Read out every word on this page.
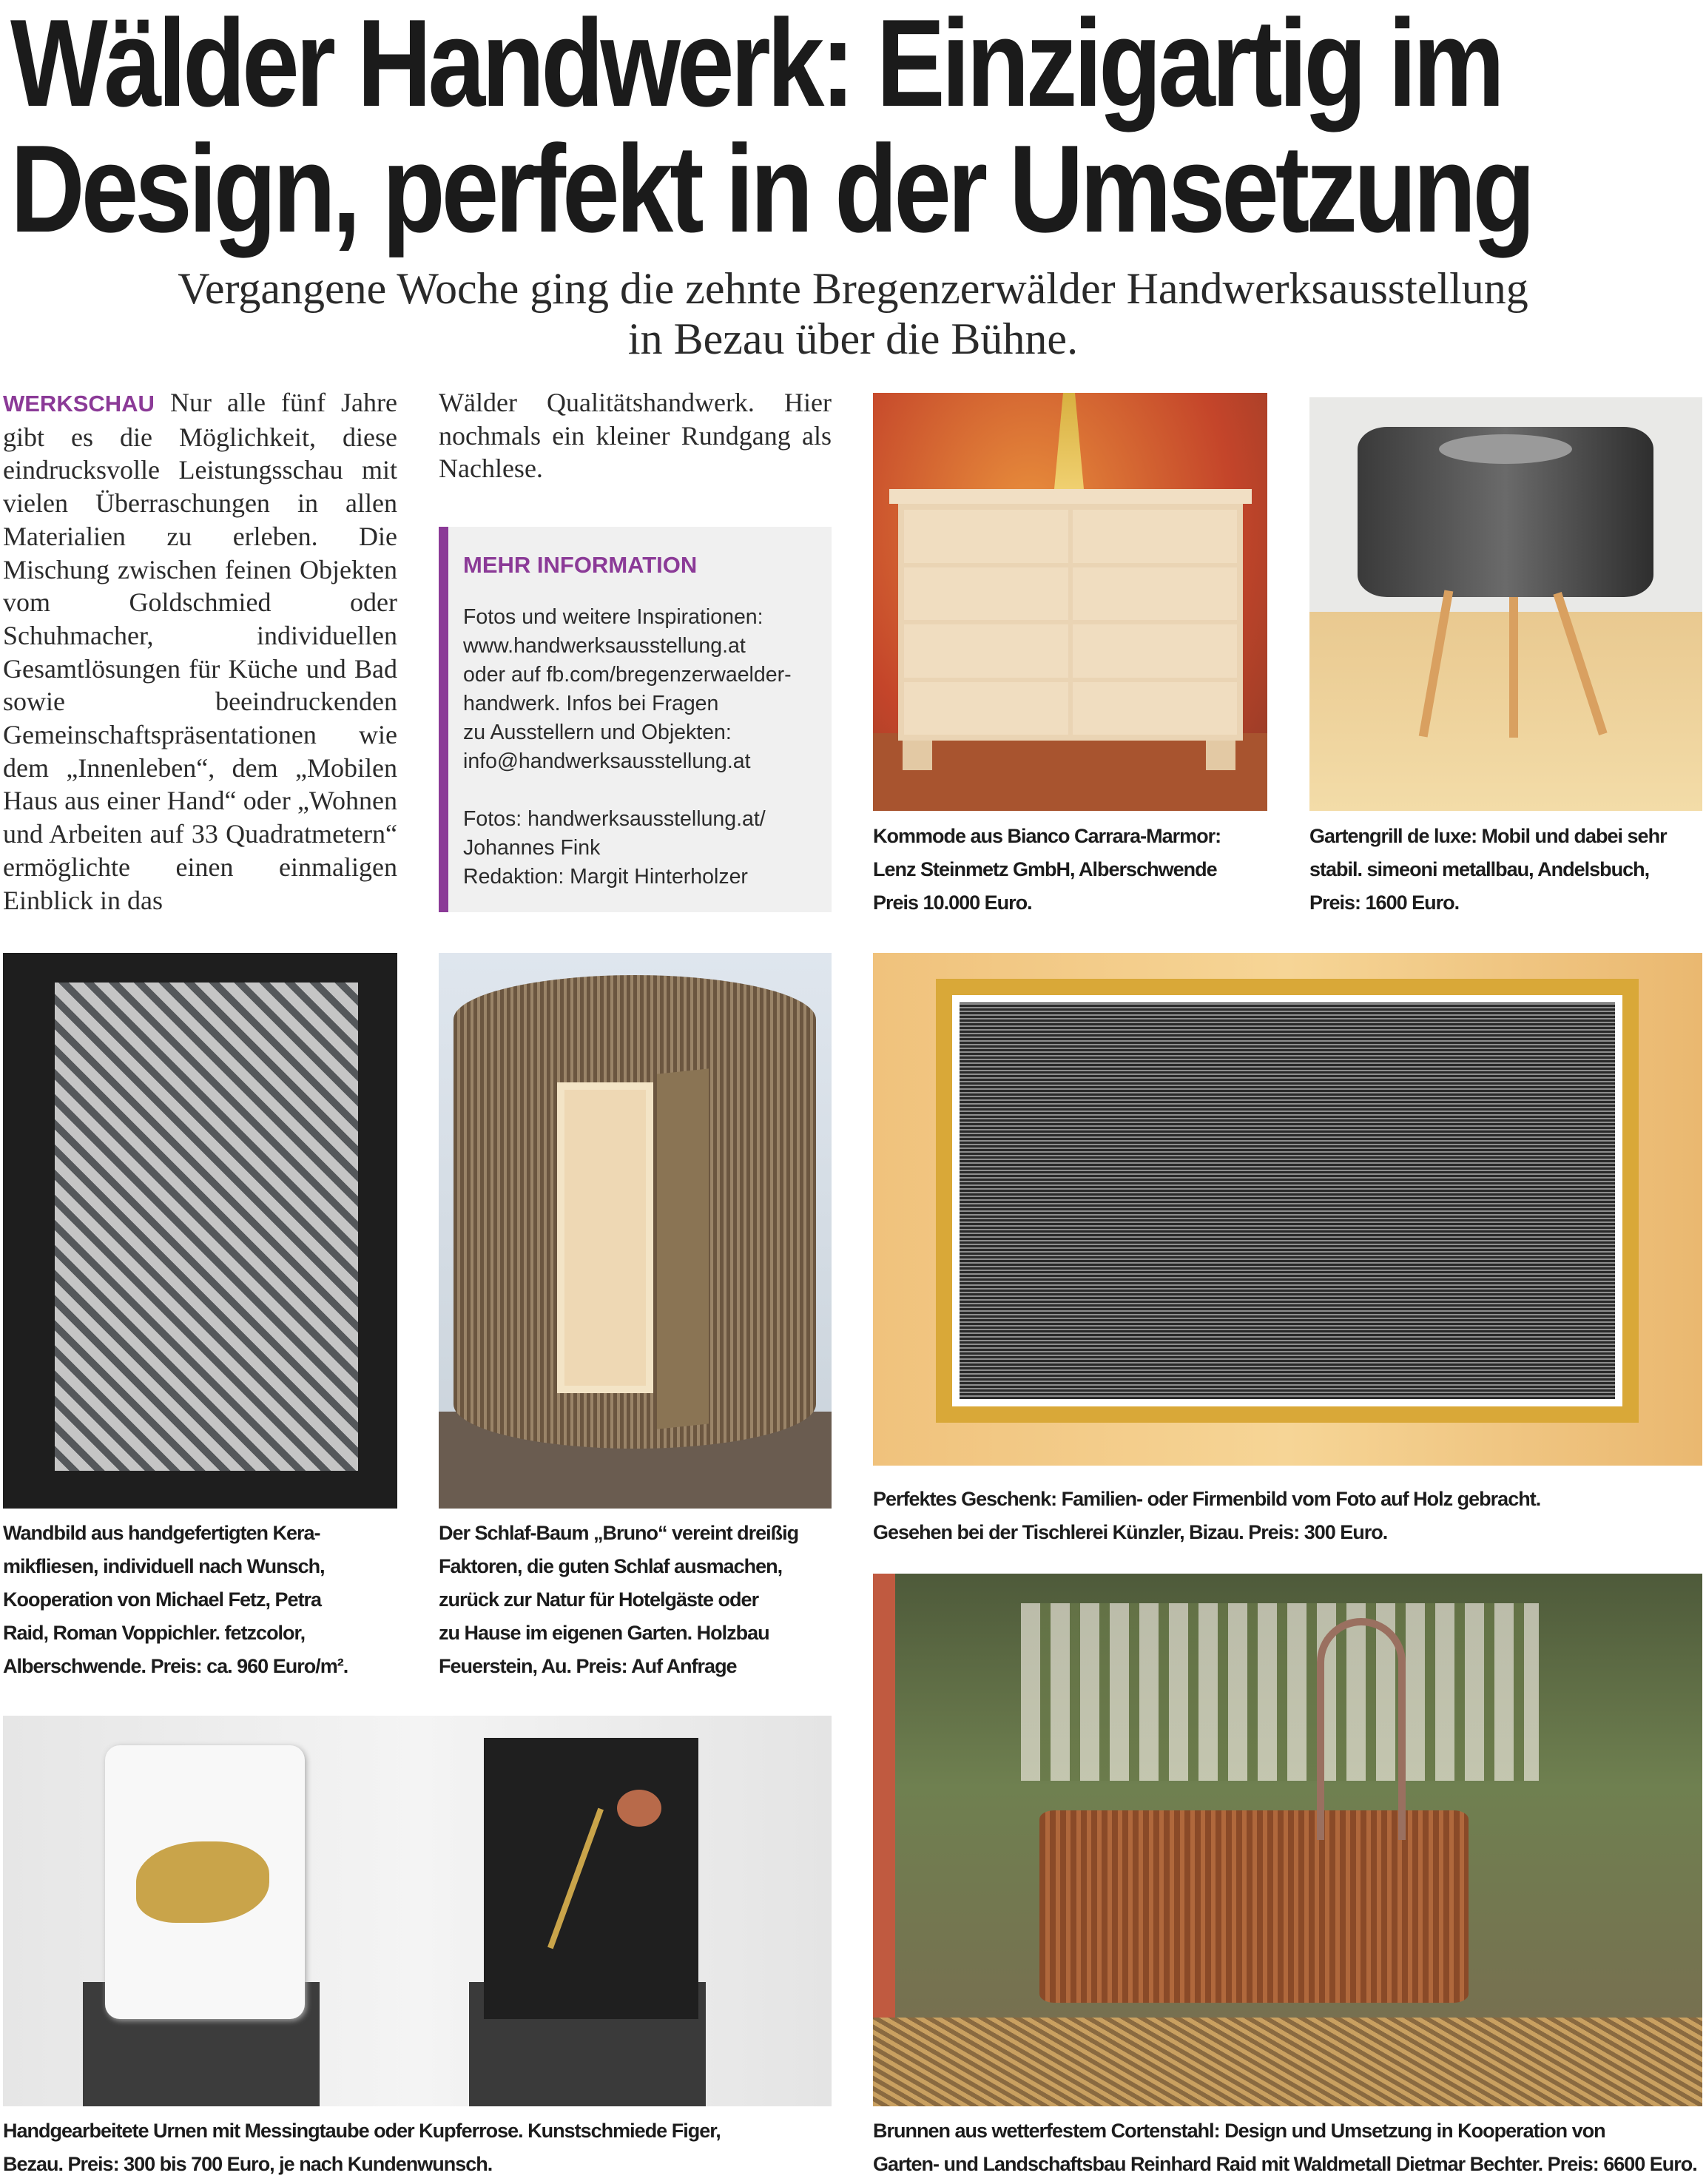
Wälder Handwerk: Einzigartig im
Design, perfekt in der Umsetzung
Vergangene Woche ging die zehnte Bregenzerwälder Handwerksausstellung
in Bezau über die Bühne.
WERKSCHAU Nur alle fünf Jahre gibt es die Möglichkeit, diese eindrucksvolle Leistungsschau mit vielen Überraschungen in allen Materialien zu erleben. Die Mischung zwischen feinen Objekten vom Goldschmied oder Schuhmacher, individuellen Gesamtlösungen für Küche und Bad sowie beeindruckenden Gemeinschaftspräsentationen wie dem „Innenleben“, dem „Mobilen Haus aus einer Hand“ oder „Wohnen und Arbeiten auf 33 Quadratmetern“ ermöglichte einen einmaligen Einblick in das
Wälder Qualitätshandwerk. Hier nochmals ein kleiner Rundgang als Nachlese.
MEHR INFORMATION
Fotos und weitere Inspirationen:
www.handwerksausstellung.at
oder auf fb.com/bregenzerwaelder-
handwerk. Infos bei Fragen
zu Ausstellern und Objekten:
info@handwerksausstellung.at
Fotos: handwerksausstellung.at/
Johannes Fink
Redaktion: Margit Hinterholzer
Kommode aus Bianco Carrara-Marmor:
Lenz Steinmetz GmbH, Alberschwende
Preis 10.000 Euro.
Gartengrill de luxe: Mobil und dabei sehr
stabil. simeoni metallbau, Andelsbuch,
Preis: 1600 Euro.
Wandbild aus handgefertigten Kera-
mikfliesen, individuell nach Wunsch,
Kooperation von Michael Fetz, Petra
Raid, Roman Voppichler. fetzcolor,
Alberschwende. Preis: ca. 960 Euro/m².
Der Schlaf-Baum „Bruno“ vereint dreißig
Faktoren, die guten Schlaf ausmachen,
zurück zur Natur für Hotelgäste oder
zu Hause im eigenen Garten. Holzbau
Feuerstein, Au. Preis: Auf Anfrage
Perfektes Geschenk: Familien- oder Firmenbild vom Foto auf Holz gebracht.
Gesehen bei der Tischlerei Künzler, Bizau. Preis: 300 Euro.
Handgearbeitete Urnen mit Messingtaube oder Kupferrose. Kunstschmiede Figer,
Bezau. Preis: 300 bis 700 Euro, je nach Kundenwunsch.
Brunnen aus wetterfestem Cortenstahl: Design und Umsetzung in Kooperation von
Garten- und Landschaftsbau Reinhard Raid mit Waldmetall Dietmar Bechter. Preis: 6600 Euro.
